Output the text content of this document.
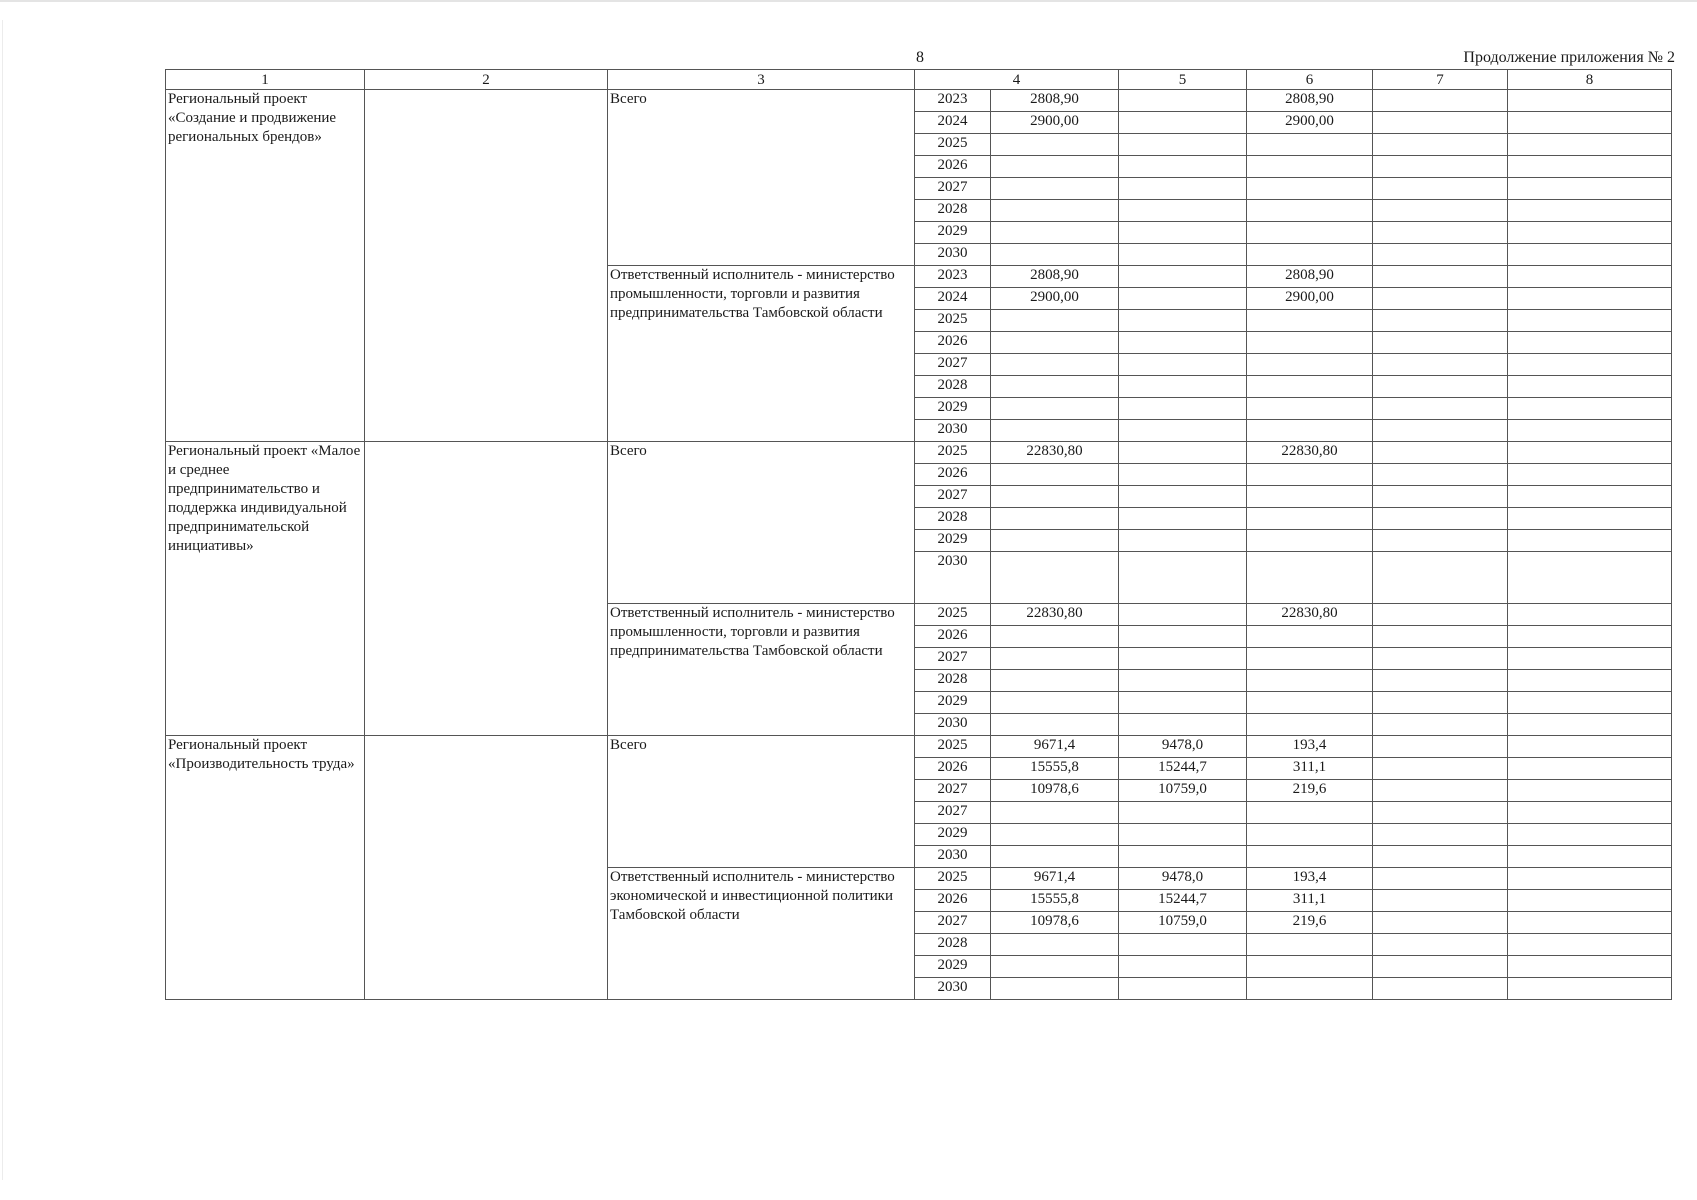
8	Продолжение приложения № 2
1	2	3	4		5	6	7	8
Региональный проект «Создание и продвижение региональных брендов»		Всего	2023	2808,90		2808,90		
			2024	2900,00		2900,00		
			2025					
			2026					
			2027					
			2028					
			2029					
			2030					
		Ответственный исполнитель - министерство промышленности, торговли и развития предпринимательства Тамбовской области	2023	2808,90		2808,90		
			2024	2900,00		2900,00		
			2025					
			2026					
			2027					
			2028					
			2029					
			2030					
Региональный проект «Малое и среднее предпринимательство и поддержка индивидуальной предпринимательской инициативы»		Всего	2025	22830,80		22830,80		
			2026					
			2027					
			2028					
			2029					
			2030					
		Ответственный исполнитель - министерство промышленности, торговли и развития предпринимательства Тамбовской области	2025	22830,80		22830,80		
			2026					
			2027					
			2028					
			2029					
			2030					
Региональный проект «Производительность труда»		Всего	2025	9671,4	9478,0	193,4		
			2026	15555,8	15244,7	311,1		
			2027	10978,6	10759,0	219,6		
			2027					
			2029					
			2030					
		Ответственный исполнитель - министерство экономической и инвестиционной политики Тамбовской области	2025	9671,4	9478,0	193,4		
			2026	15555,8	15244,7	311,1		
			2027	10978,6	10759,0	219,6		
			2028					
			2029					
			2030					
